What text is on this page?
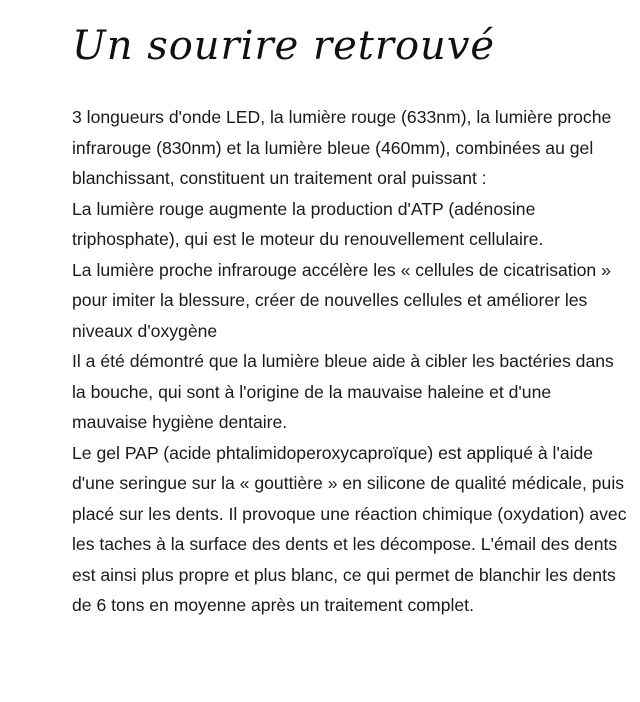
Un sourire retrouvé

3 longueurs d'onde LED, la lumière rouge (633nm), la lumière proche infrarouge (830nm) et la lumière bleue (460mm), combinées au gel blanchissant, constituent un traitement oral puissant :

La lumière rouge augmente la production d'ATP (adénosine triphosphate), qui est le moteur du renouvellement cellulaire.

La lumière proche infrarouge accélère les « cellules de cicatrisation » pour imiter la blessure, créer de nouvelles cellules et améliorer les niveaux d'oxygène

Il a été démontré que la lumière bleue aide à cibler les bactéries dans la bouche, qui sont à l'origine de la mauvaise haleine et d'une mauvaise hygiène dentaire.

Le gel PAP (acide phtalimidoperoxycaproïque) est appliqué à l'aide d'une seringue sur la « gouttière » en silicone de qualité médicale, puis placé sur les dents. Il provoque une réaction chimique (oxydation) avec les taches à la surface des dents et les décompose. L'émail des dents est ainsi plus propre et plus blanc, ce qui permet de blanchir les dents de 6 tons en moyenne après un traitement complet.
